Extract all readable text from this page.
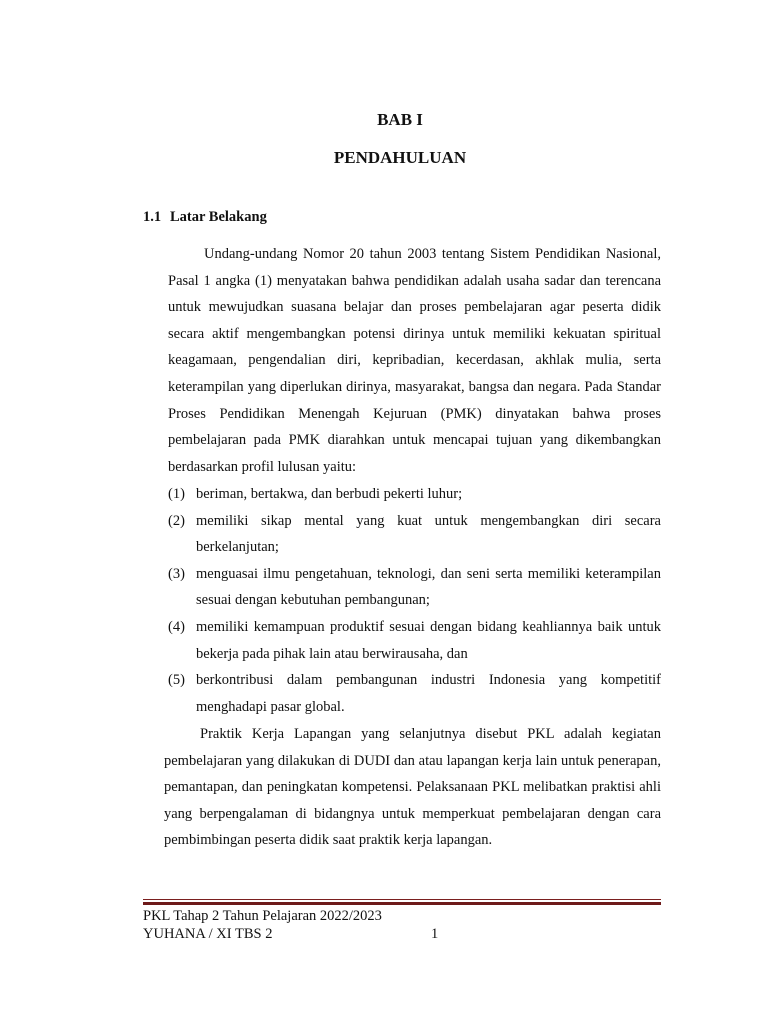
BAB I
PENDAHULUAN
1.1 Latar Belakang

Undang-undang Nomor 20 tahun 2003 tentang Sistem Pendidikan Nasional, Pasal 1 angka (1) menyatakan bahwa pendidikan adalah usaha sadar dan terencana untuk mewujudkan suasana belajar dan proses pembelajaran agar peserta didik secara aktif mengembangkan potensi dirinya untuk memiliki kekuatan spiritual keagamaan, pengendalian diri, kepribadian, kecerdasan, akhlak mulia, serta keterampilan yang diperlukan dirinya, masyarakat, bangsa dan negara. Pada Standar Proses Pendidikan Menengah Kejuruan (PMK) dinyatakan bahwa proses pembelajaran pada PMK diarahkan untuk mencapai tujuan yang dikembangkan berdasarkan profil lulusan yaitu:

(1) beriman, bertakwa, dan berbudi pekerti luhur;
(2) memiliki sikap mental yang kuat untuk mengembangkan diri secara berkelanjutan;
(3) menguasai ilmu pengetahuan, teknologi, dan seni serta memiliki keterampilan sesuai dengan kebutuhan pembangunan;
(4) memiliki kemampuan produktif sesuai dengan bidang keahliannya baik untuk bekerja pada pihak lain atau berwirausaha, dan
(5) berkontribusi dalam pembangunan industri Indonesia yang kompetitif menghadapi pasar global.

Praktik Kerja Lapangan yang selanjutnya disebut PKL adalah kegiatan pembelajaran yang dilakukan di DUDI dan atau lapangan kerja lain untuk penerapan, pemantapan, dan peningkatan kompetensi. Pelaksanaan PKL melibatkan praktisi ahli yang berpengalaman di bidangnya untuk memperkuat pembelajaran dengan cara pembimbingan peserta didik saat praktik kerja lapangan.

PKL Tahap 2 Tahun Pelajaran 2022/2023
YUHANA / XI TBS 2	1
